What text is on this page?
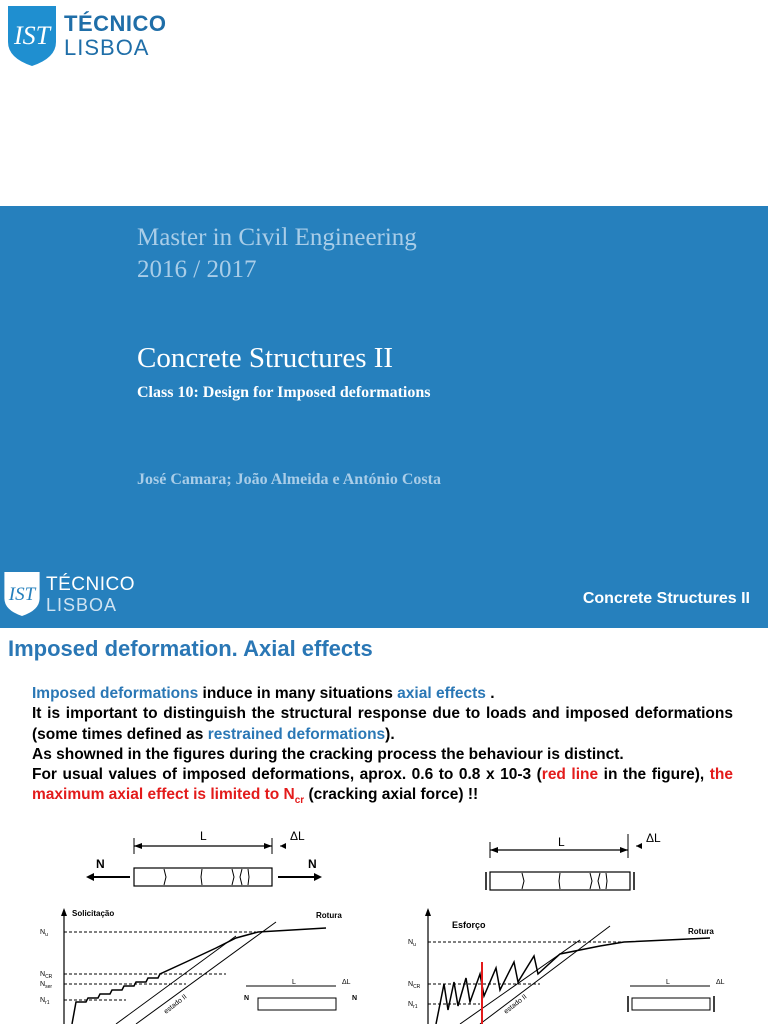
IST TÉCNICO
LISBOA
Master in Civil Engineering
2016 / 2017
Concrete Structures II
Class 10: Design for Imposed deformations
José Camara; João Almeida e António Costa
IST TÉCNICO
LISBOA	Concrete Structures II
Imposed deformation. Axial effects

Imposed deformations induce in many situations axial effects .

It is important to distinguish the structural response due to loads and imposed deformations (some times defined as restrained deformations).

As showned in the figures during the cracking process the behaviour is distinct.

For usual values of imposed deformations, aprox. 0.6 to 0.8 x 10-3 (red line in the figure), the maximum axial effect is limited to $N_{cr}$ (cracking axial force) !!

L	ΔL
N	N
L	ΔL
Solicitação	Rotura
$N_u$
$N_{CR}$
$N_{ser}$
$N_{r1}$	estado II
L	ΔL
N	N
Esforço
Rotura
$N_u$
$N_{CR}$
$N_{r1}$	estado II
L	ΔL
